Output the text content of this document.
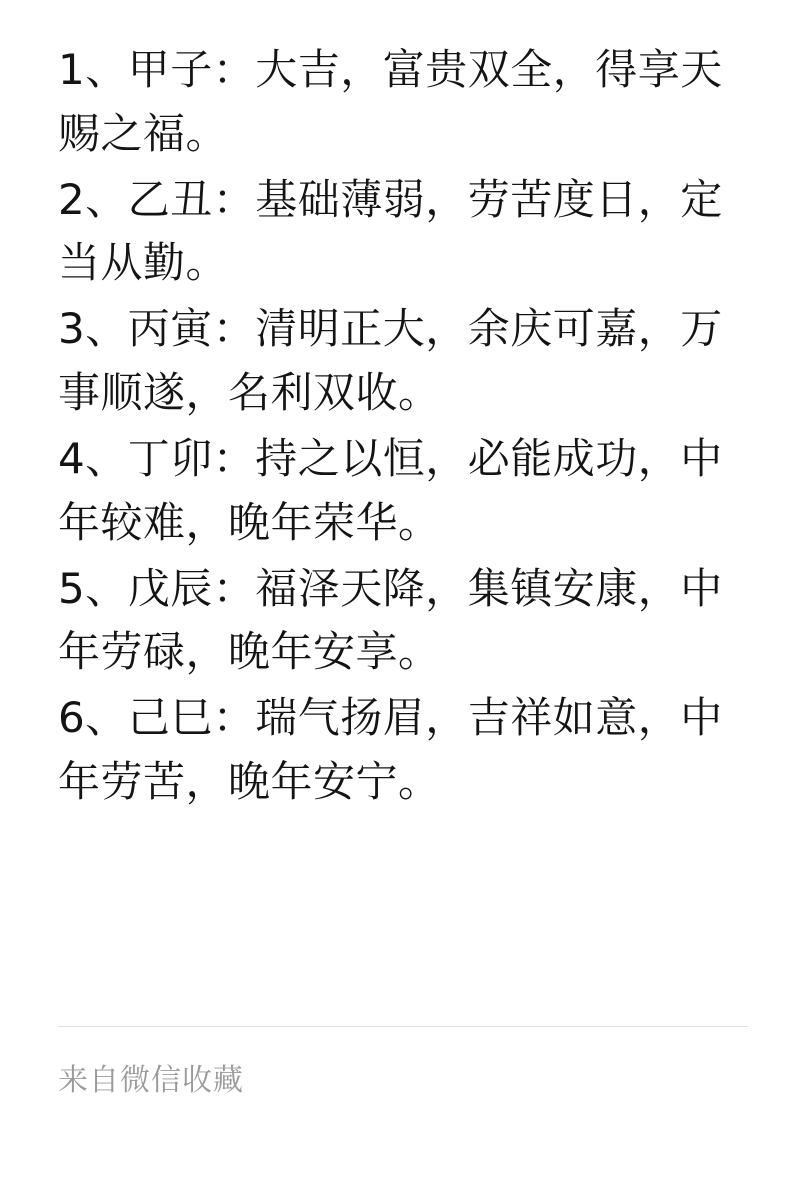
1、甲子：大吉，富贵双全，得享天赐之福。

2、乙丑：基础薄弱，劳苦度日，定当从勤。

3、丙寅：清明正大，余庆可嘉，万事顺遂，名利双收。

4、丁卯：持之以恒，必能成功，中年较难，晚年荣华。

5、戊辰：福泽天降，集镇安康，中年劳碌，晚年安享。

6、己巳：瑞气扬眉，吉祥如意，中年劳苦，晚年安宁。

来自微信收藏
